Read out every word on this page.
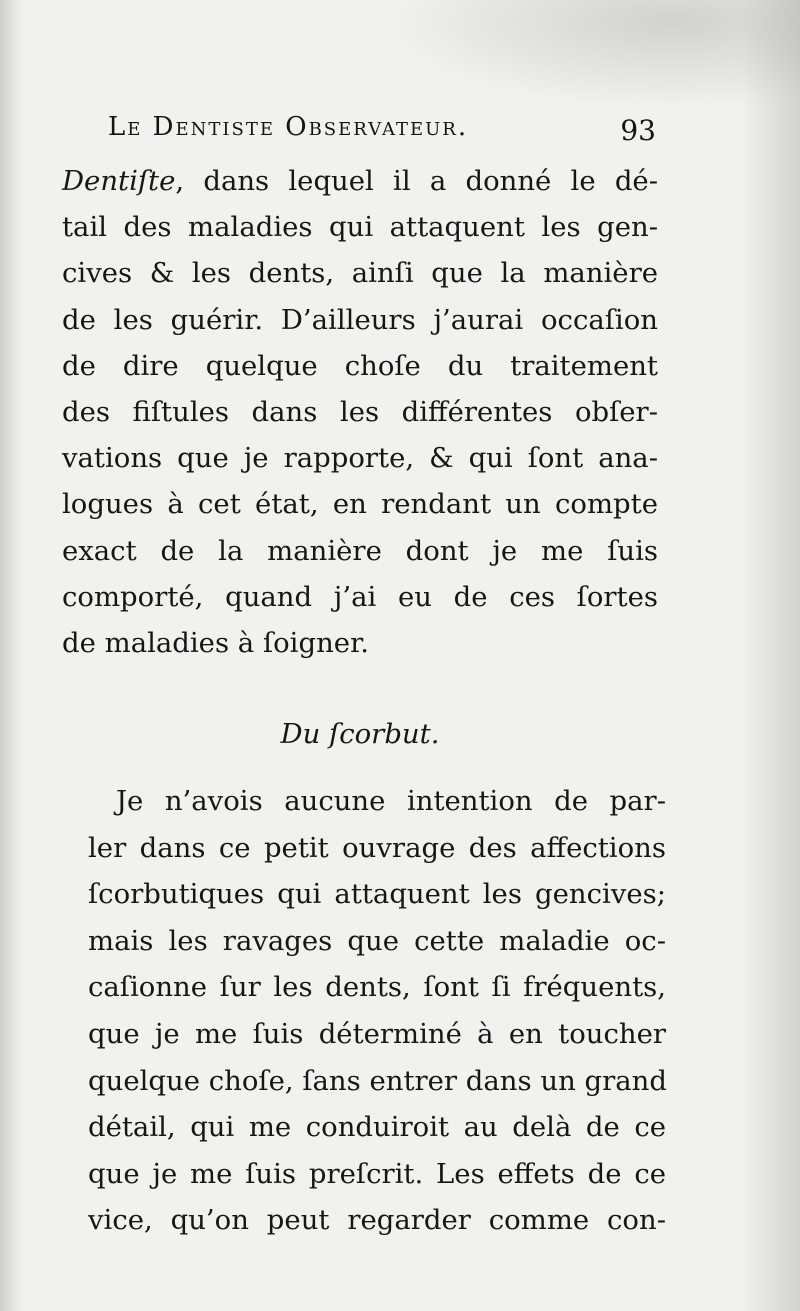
Le Dentiste Observateur.	93
Dentiſte, dans lequel il a donné le dé-
tail des maladies qui attaquent les gen-
cives & les dents, ainſi que la manière
de les guérir. D’ailleurs j’aurai occaſion
de dire quelque choſe du traitement
des fiſtules dans les différentes obſer-
vations que je rapporte, & qui ſont ana-
logues à cet état, en rendant un compte
exact de la manière dont je me ſuis
comporté, quand j’ai eu de ces ſortes
de maladies à ſoigner.
Du ſcorbut.
Je n’avois aucune intention de par-
ler dans ce petit ouvrage des affections
ſcorbutiques qui attaquent les gencives;
mais les ravages que cette maladie oc-
caſionne ſur les dents, ſont ſi fréquents,
que je me ſuis déterminé à en toucher
quelque choſe, ſans entrer dans un grand
détail, qui me conduiroit au delà de ce
que je me ſuis preſcrit. Les effets de ce
vice, qu’on peut regarder comme con-
